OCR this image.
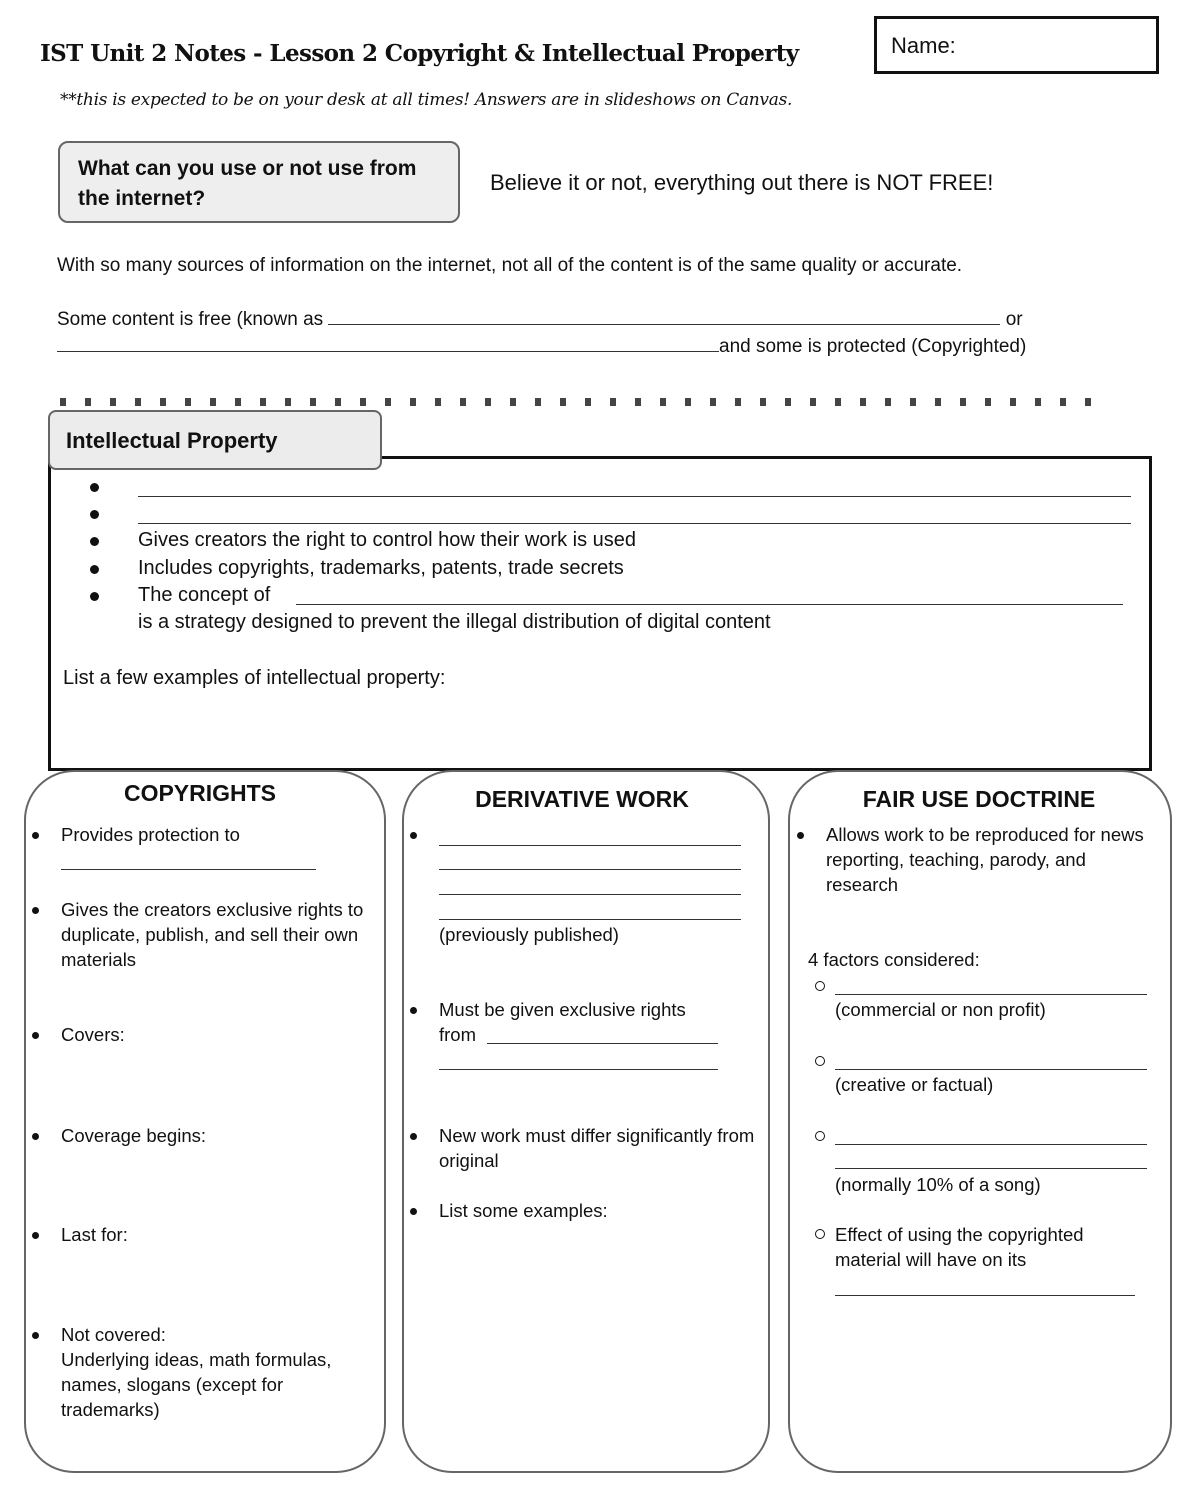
IST Unit 2 Notes - Lesson 2 Copyright & Intellectual Property
**this is expected to be on your desk at all times! Answers are in slideshows on Canvas.
Name:
What can you use or not use from the internet?
Believe it or not, everything out there is NOT FREE!
With so many sources of information on the internet, not all of the content is of the same quality or accurate.
Some content is free (known as	or
and some is protected (Copyrighted)
Intellectual Property
Gives creators the right to control how their work is used
Includes copyrights, trademarks, patents, trade secrets
The concept of
is a strategy designed to prevent the illegal distribution of digital content
List a few examples of intellectual property:
COPYRIGHTS
Provides protection to
Gives the creators exclusive rights to duplicate, publish, and sell their own materials
Covers:
Coverage begins:
Last for:
Not covered:
Underlying ideas, math formulas, names, slogans (except for trademarks)
DERIVATIVE WORK
(previously published)
Must be given exclusive rights
from
New work must differ significantly from original
List some examples:
FAIR USE DOCTRINE
Allows work to be reproduced for news reporting, teaching, parody, and research
4 factors considered:
(commercial or non profit)
(creative or factual)
(normally 10% of a song)
Effect of using the copyrighted material will have on its
